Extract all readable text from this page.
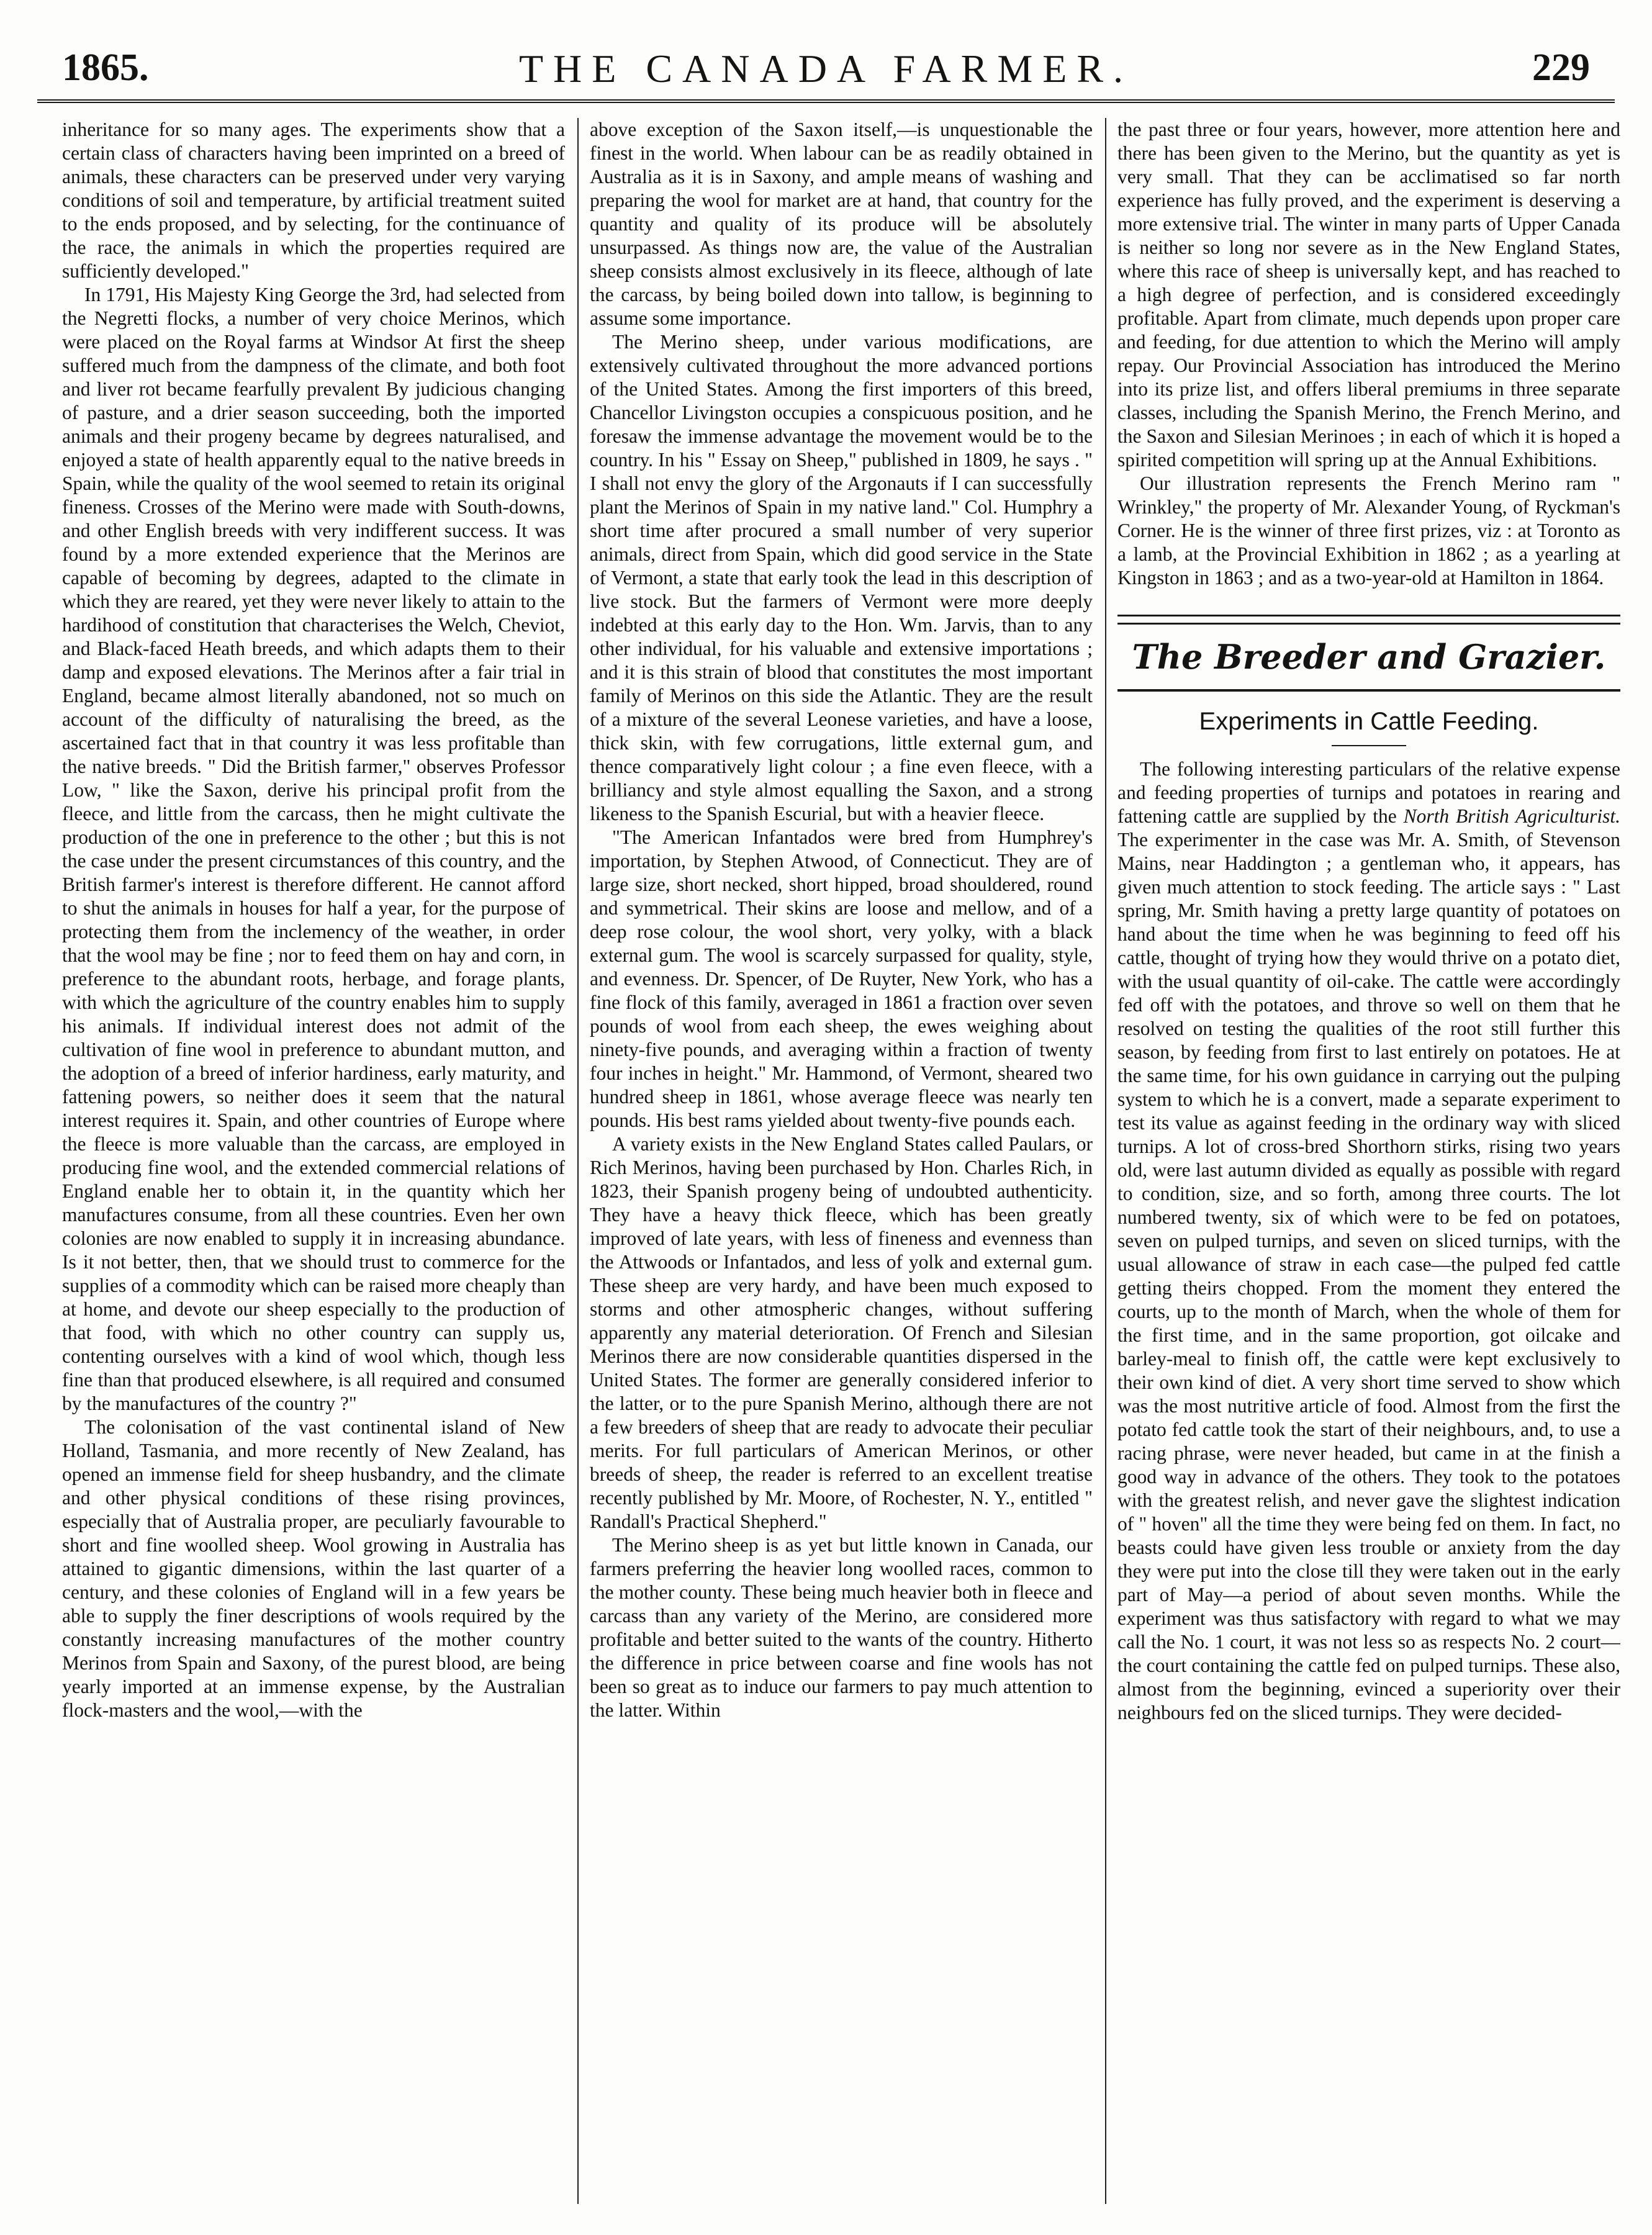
1865.	THE CANADA FARMER.	229

inheritance for so many ages. The experiments show that a certain class of characters having been imprinted on a breed of animals, these characters can be preserved under very varying conditions of soil and temperature, by artificial treatment suited to the ends proposed, and by selecting, for the continuance of the race, the animals in which the properties required are sufficiently developed."

In 1791, His Majesty King George the 3rd, had selected from the Negretti flocks, a number of very choice Merinos, which were placed on the Royal farms at Windsor At first the sheep suffered much from the dampness of the climate, and both foot and liver rot became fearfully prevalent By judicious changing of pasture, and a drier season succeeding, both the imported animals and their progeny became by degrees naturalised, and enjoyed a state of health apparently equal to the native breeds in Spain, while the quality of the wool seemed to retain its original fineness. Crosses of the Merino were made with South-downs, and other English breeds with very indifferent success. It was found by a more extended experience that the Merinos are capable of becoming by degrees, adapted to the climate in which they are reared, yet they were never likely to attain to the hardihood of constitution that characterises the Welch, Cheviot, and Black-faced Heath breeds, and which adapts them to their damp and exposed elevations. The Merinos after a fair trial in England, became almost literally abandoned, not so much on account of the difficulty of naturalising the breed, as the ascertained fact that in that country it was less profitable than the native breeds. " Did the British farmer," observes Professor Low, " like the Saxon, derive his principal profit from the fleece, and little from the carcass, then he might cultivate the production of the one in preference to the other ; but this is not the case under the present circumstances of this country, and the British farmer's interest is therefore different. He cannot afford to shut the animals in houses for half a year, for the purpose of protecting them from the inclemency of the weather, in order that the wool may be fine ; nor to feed them on hay and corn, in preference to the abundant roots, herbage, and forage plants, with which the agriculture of the country enables him to supply his animals. If individual interest does not admit of the cultivation of fine wool in preference to abundant mutton, and the adoption of a breed of inferior hardiness, early maturity, and fattening powers, so neither does it seem that the natural interest requires it. Spain, and other countries of Europe where the fleece is more valuable than the carcass, are employed in producing fine wool, and the extended commercial relations of England enable her to obtain it, in the quantity which her manufactures consume, from all these countries. Even her own colonies are now enabled to supply it in increasing abundance. Is it not better, then, that we should trust to commerce for the supplies of a commodity which can be raised more cheaply than at home, and devote our sheep especially to the production of that food, with which no other country can supply us, contenting ourselves with a kind of wool which, though less fine than that produced elsewhere, is all required and consumed by the manufactures of the country ?"

The colonisation of the vast continental island of New Holland, Tasmania, and more recently of New Zealand, has opened an immense field for sheep husbandry, and the climate and other physical conditions of these rising provinces, especially that of Australia proper, are peculiarly favourable to short and fine woolled sheep. Wool growing in Australia has attained to gigantic dimensions, within the last quarter of a century, and these colonies of England will in a few years be able to supply the finer descriptions of wools required by the constantly increasing manufactures of the mother country Merinos from Spain and Saxony, of the purest blood, are being yearly imported at an immense expense, by the Australian flock-masters and the wool,—with the

above exception of the Saxon itself,—is unquestionable the finest in the world. When labour can be as readily obtained in Australia as it is in Saxony, and ample means of washing and preparing the wool for market are at hand, that country for the quantity and quality of its produce will be absolutely unsurpassed. As things now are, the value of the Australian sheep consists almost exclusively in its fleece, although of late the carcass, by being boiled down into tallow, is beginning to assume some importance.

The Merino sheep, under various modifications, are extensively cultivated throughout the more advanced portions of the United States. Among the first importers of this breed, Chancellor Livingston occupies a conspicuous position, and he foresaw the immense advantage the movement would be to the country. In his " Essay on Sheep," published in 1809, he says . " I shall not envy the glory of the Argonauts if I can successfully plant the Merinos of Spain in my native land." Col. Humphry a short time after procured a small number of very superior animals, direct from Spain, which did good service in the State of Vermont, a state that early took the lead in this description of live stock. But the farmers of Vermont were more deeply indebted at this early day to the Hon. Wm. Jarvis, than to any other individual, for his valuable and extensive importations ; and it is this strain of blood that constitutes the most important family of Merinos on this side the Atlantic. They are the result of a mixture of the several Leonese varieties, and have a loose, thick skin, with few corrugations, little external gum, and thence comparatively light colour ; a fine even fleece, with a brilliancy and style almost equalling the Saxon, and a strong likeness to the Spanish Escurial, but with a heavier fleece.

"The American Infantados were bred from Humphrey's importation, by Stephen Atwood, of Connecticut. They are of large size, short necked, short hipped, broad shouldered, round and symmetrical. Their skins are loose and mellow, and of a deep rose colour, the wool short, very yolky, with a black external gum. The wool is scarcely surpassed for quality, style, and evenness. Dr. Spencer, of De Ruyter, New York, who has a fine flock of this family, averaged in 1861 a fraction over seven pounds of wool from each sheep, the ewes weighing about ninety-five pounds, and averaging within a fraction of twenty four inches in height." Mr. Hammond, of Vermont, sheared two hundred sheep in 1861, whose average fleece was nearly ten pounds. His best rams yielded about twenty-five pounds each.

A variety exists in the New England States called Paulars, or Rich Merinos, having been purchased by Hon. Charles Rich, in 1823, their Spanish progeny being of undoubted authenticity. They have a heavy thick fleece, which has been greatly improved of late years, with less of fineness and evenness than the Attwoods or Infantados, and less of yolk and external gum. These sheep are very hardy, and have been much exposed to storms and other atmospheric changes, without suffering apparently any material deterioration. Of French and Silesian Merinos there are now considerable quantities dispersed in the United States. The former are generally considered inferior to the latter, or to the pure Spanish Merino, although there are not a few breeders of sheep that are ready to advocate their peculiar merits. For full particulars of American Merinos, or other breeds of sheep, the reader is referred to an excellent treatise recently published by Mr. Moore, of Rochester, N. Y., entitled " Randall's Practical Shepherd."

The Merino sheep is as yet but little known in Canada, our farmers preferring the heavier long woolled races, common to the mother county. These being much heavier both in fleece and carcass than any variety of the Merino, are considered more profitable and better suited to the wants of the country. Hitherto the difference in price between coarse and fine wools has not been so great as to induce our farmers to pay much attention to the latter. Within

the past three or four years, however, more attention here and there has been given to the Merino, but the quantity as yet is very small. That they can be acclimatised so far north experience has fully proved, and the experiment is deserving a more extensive trial. The winter in many parts of Upper Canada is neither so long nor severe as in the New England States, where this race of sheep is universally kept, and has reached to a high degree of perfection, and is considered exceedingly profitable. Apart from climate, much depends upon proper care and feeding, for due attention to which the Merino will amply repay. Our Provincial Association has introduced the Merino into its prize list, and offers liberal premiums in three separate classes, including the Spanish Merino, the French Merino, and the Saxon and Silesian Merinoes ; in each of which it is hoped a spirited competition will spring up at the Annual Exhibitions.

Our illustration represents the French Merino ram " Wrinkley," the property of Mr. Alexander Young, of Ryckman's Corner. He is the winner of three first prizes, viz : at Toronto as a lamb, at the Provincial Exhibition in 1862 ; as a yearling at Kingston in 1863 ; and as a two-year-old at Hamilton in 1864.

The Breeder and Grazier.
Experiments in Cattle Feeding.

The following interesting particulars of the relative expense and feeding properties of turnips and potatoes in rearing and fattening cattle are supplied by the North British Agriculturist. The experimenter in the case was Mr. A. Smith, of Stevenson Mains, near Haddington ; a gentleman who, it appears, has given much attention to stock feeding. The article says : " Last spring, Mr. Smith having a pretty large quantity of potatoes on hand about the time when he was beginning to feed off his cattle, thought of trying how they would thrive on a potato diet, with the usual quantity of oil-cake. The cattle were accordingly fed off with the potatoes, and throve so well on them that he resolved on testing the qualities of the root still further this season, by feeding from first to last entirely on potatoes. He at the same time, for his own guidance in carrying out the pulping system to which he is a convert, made a separate experiment to test its value as against feeding in the ordinary way with sliced turnips. A lot of cross-bred Shorthorn stirks, rising two years old, were last autumn divided as equally as possible with regard to condition, size, and so forth, among three courts. The lot numbered twenty, six of which were to be fed on potatoes, seven on pulped turnips, and seven on sliced turnips, with the usual allowance of straw in each case—the pulped fed cattle getting theirs chopped. From the moment they entered the courts, up to the month of March, when the whole of them for the first time, and in the same proportion, got oilcake and barley-meal to finish off, the cattle were kept exclusively to their own kind of diet. A very short time served to show which was the most nutritive article of food. Almost from the first the potato fed cattle took the start of their neighbours, and, to use a racing phrase, were never headed, but came in at the finish a good way in advance of the others. They took to the potatoes with the greatest relish, and never gave the slightest indication of " hoven" all the time they were being fed on them. In fact, no beasts could have given less trouble or anxiety from the day they were put into the close till they were taken out in the early part of May—a period of about seven months. While the experiment was thus satisfactory with regard to what we may call the No. 1 court, it was not less so as respects No. 2 court—the court containing the cattle fed on pulped turnips. These also, almost from the beginning, evinced a superiority over their neighbours fed on the sliced turnips. They were decided-
